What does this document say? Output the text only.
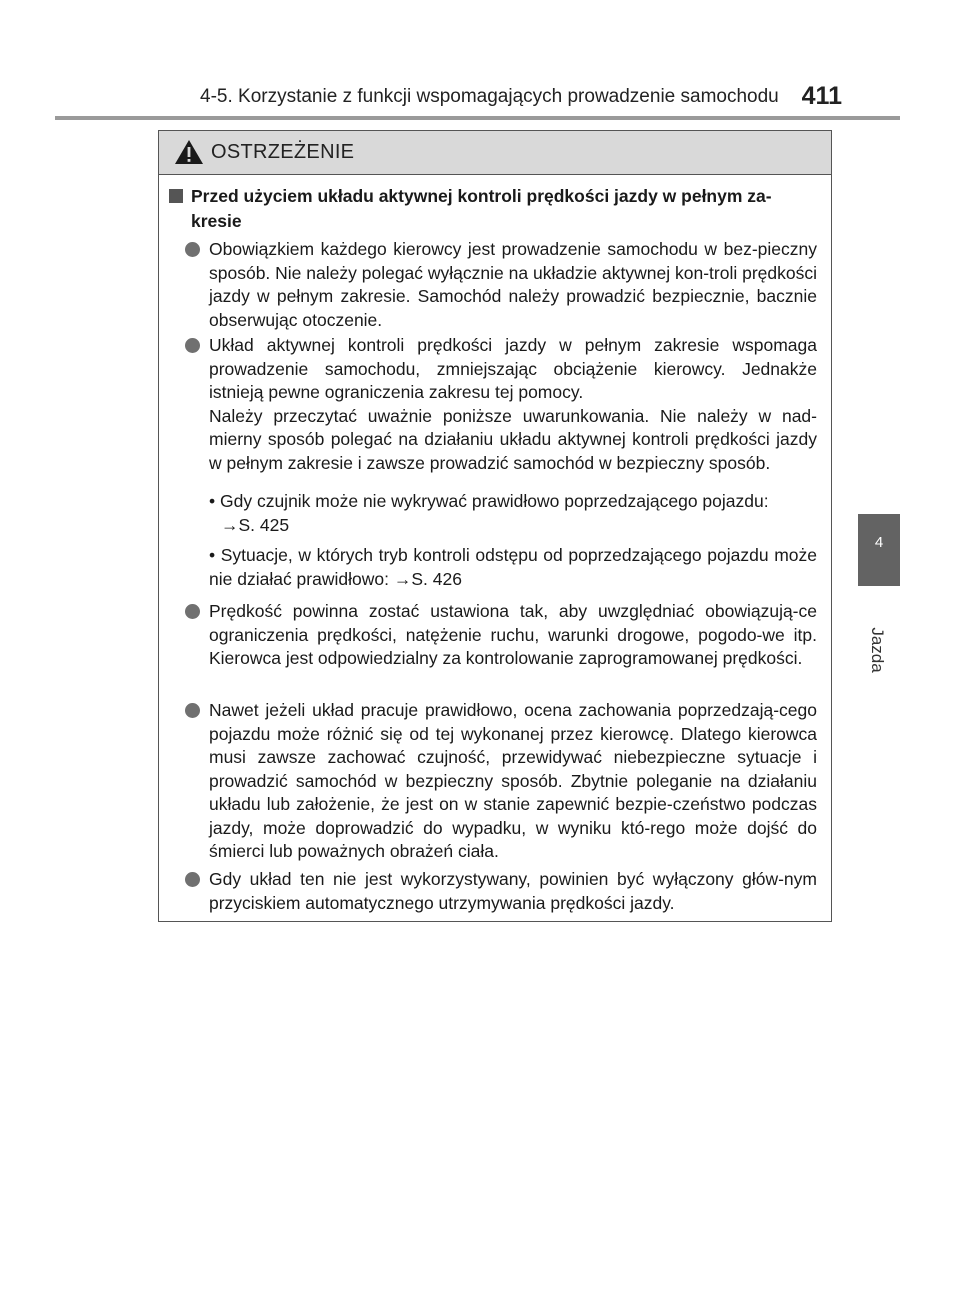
4-5. Korzystanie z funkcji wspomagających prowadzenie samochodu 411
4
Jazda
OSTRZEŻENIE
Przed użyciem układu aktywnej kontroli prędkości jazdy w pełnym za-
kresie
Obowiązkiem każdego kierowcy jest prowadzenie samochodu w bez-pieczny sposób. Nie należy polegać wyłącznie na układzie aktywnej kon-troli prędkości jazdy w pełnym zakresie. Samochód należy prowadzić bezpiecznie, bacznie obserwując otoczenie.
Układ aktywnej kontroli prędkości jazdy w pełnym zakresie wspomaga prowadzenie samochodu, zmniejszając obciążenie kierowcy. Jednakże istnieją pewne ograniczenia zakresu tej pomocy.
Należy przeczytać uważnie poniższe uwarunkowania. Nie należy w nad-mierny sposób polegać na działaniu układu aktywnej kontroli prędkości jazdy w pełnym zakresie i zawsze prowadzić samochód w bezpieczny sposób.
• Gdy czujnik może nie wykrywać prawidłowo poprzedzającego pojazdu:
→S. 425
• Sytuacje, w których tryb kontroli odstępu od poprzedzającego pojazdu może nie działać prawidłowo: →S. 426
Prędkość powinna zostać ustawiona tak, aby uwzględniać obowiązują-ce ograniczenia prędkości, natężenie ruchu, warunki drogowe, pogodo-we itp. Kierowca jest odpowiedzialny za kontrolowanie zaprogramowanej prędkości.
Nawet jeżeli układ pracuje prawidłowo, ocena zachowania poprzedzają-cego pojazdu może różnić się od tej wykonanej przez kierowcę. Dlatego kierowca musi zawsze zachować czujność, przewidywać niebezpieczne sytuacje i prowadzić samochód w bezpieczny sposób. Zbytnie poleganie na działaniu układu lub założenie, że jest on w stanie zapewnić bezpie-czeństwo podczas jazdy, może doprowadzić do wypadku, w wyniku któ-rego może dojść do śmierci lub poważnych obrażeń ciała.
Gdy układ ten nie jest wykorzystywany, powinien być wyłączony głów-nym przyciskiem automatycznego utrzymywania prędkości jazdy.
